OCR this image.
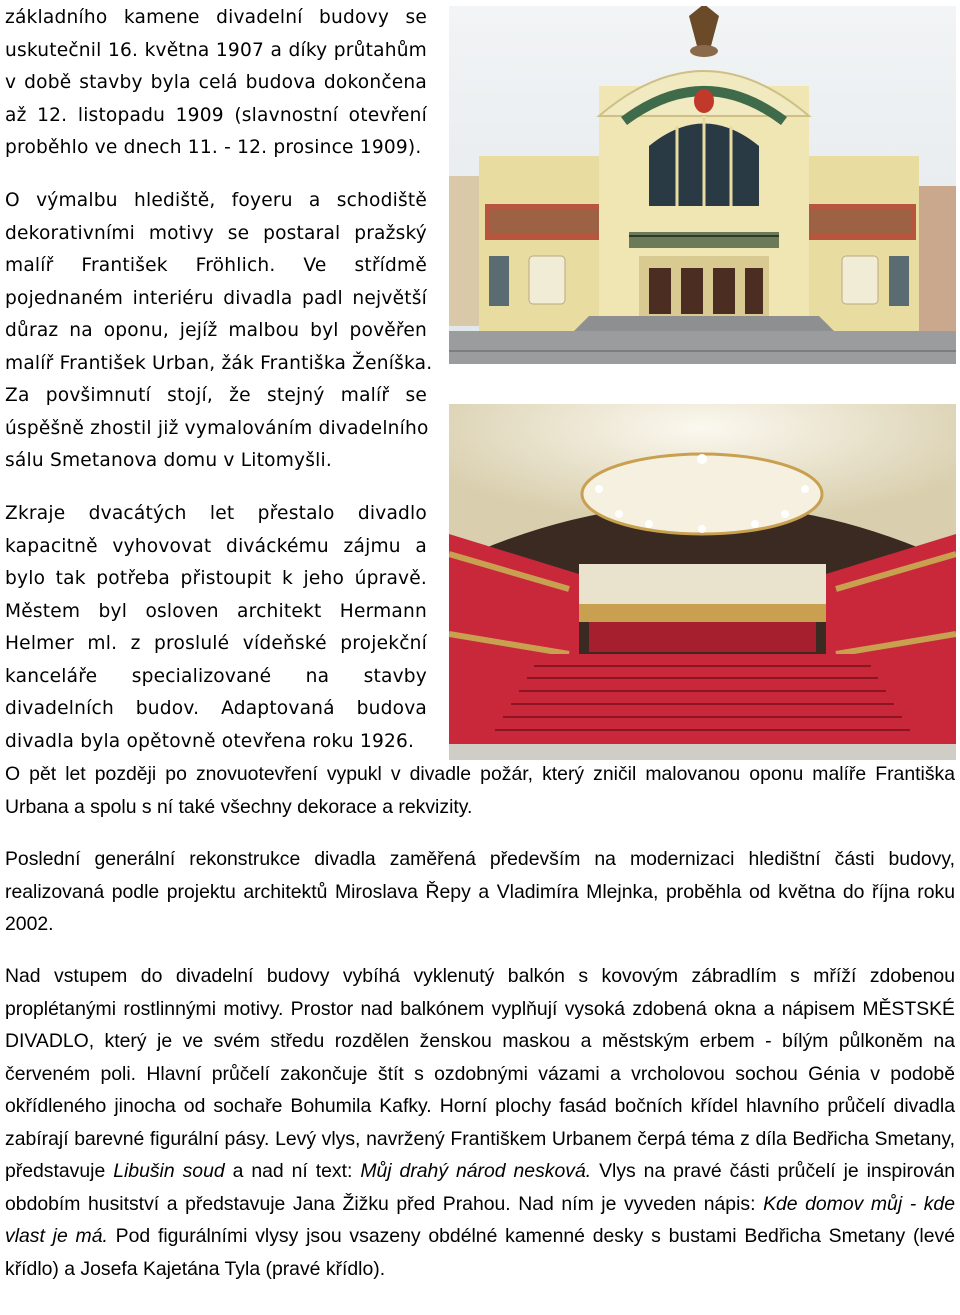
základního kamene divadelní budovy se
uskutečnil 16. května 1907 a díky průtahům
v době stavby byla celá budova dokončena
až 12. listopadu 1909 (slavnostní otevření
proběhlo ve dnech 11. - 12. prosince 1909).
O výmalbu hlediště, foyeru a schodiště
dekorativními motivy se postaral pražský
malíř František Fröhlich. Ve střídmě
pojednaném interiéru divadla padl největší
důraz na oponu, jejíž malbou byl pověřen
malíř František Urban, žák Františka Ženíška.
Za povšimnutí stojí, že stejný malíř se
úspěšně zhostil již vymalováním divadelního
sálu Smetanova domu v Litomyšli.
Zkraje dvacátých let přestalo divadlo
kapacitně vyhovovat diváckému zájmu a
bylo tak potřeba přistoupit k jeho úpravě.
Městem byl osloven architekt Hermann
Helmer ml. z proslulé vídeňské projekční
kanceláře specializované na stavby
divadelních budov. Adaptovaná budova
divadla byla opětovně otevřena roku 1926.
O pět let později po znovuotevření vypukl v divadle požár, který zničil malovanou oponu malíře Františka Urbana a spolu s ní také všechny dekorace a rekvizity.
Poslední generální rekonstrukce divadla zaměřená především na modernizaci hledištní části budovy, realizovaná podle projektu architektů Miroslava Řepy a Vladimíra Mlejnka, proběhla od května do října roku 2002.
Nad vstupem do divadelní budovy vybíhá vyklenutý balkón s kovovým zábradlím s mříží zdobenou proplétanými rostlinnými motivy. Prostor nad balkónem vyplňují vysoká zdobená okna a nápisem MĚSTSKÉ DIVADLO, který je ve svém středu rozdělen ženskou maskou a městským erbem - bílým půlkoněm na červeném poli. Hlavní průčelí zakončuje štít s ozdobnými vázami a vrcholovou sochou Génia v podobě okřídleného jinocha od sochaře Bohumila Kafky. Horní plochy fasád bočních křídel hlavního průčelí divadla zabírají barevné figurální pásy. Levý vlys, navržený Františkem Urbanem čerpá téma z díla Bedřicha Smetany, představuje Libušin soud a nad ní text: Můj drahý národ nesková. Vlys na pravé části průčelí je inspirován obdobím husitství a představuje Jana Žižku před Prahou. Nad ním je vyveden nápis: Kde domov můj - kde vlast je má. Pod figurálními vlysy jsou vsazeny obdélné kamenné desky s bustami Bedřicha Smetany (levé křídlo) a Josefa Kajetána Tyla (pravé křídlo).
